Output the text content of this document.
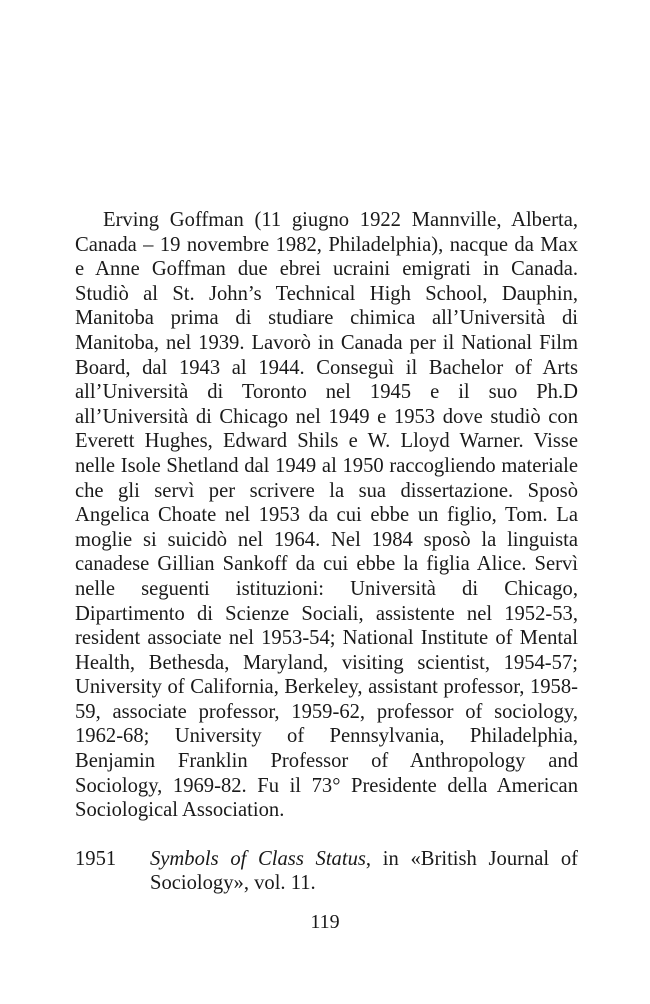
Erving Goffman (11 giugno 1922 Mannville, Alberta, Canada – 19 novembre 1982, Philadelphia), nacque da Max e Anne Goffman due ebrei ucraini emigrati in Canada. Studiò al St. John’s Technical High School, Dauphin, Manitoba prima di studiare chimica all’Università di Manitoba, nel 1939. Lavorò in Canada per il National Film Board, dal 1943 al 1944. Conseguì il Bachelor of Arts all’Università di Toronto nel 1945 e il suo Ph.D all’Università di Chicago nel 1949 e 1953 dove studiò con Everett Hughes, Edward Shils e W. Lloyd Warner. Visse nelle Isole Shetland dal 1949 al 1950 raccogliendo materiale che gli servì per scrivere la sua dissertazione. Sposò Angelica Choate nel 1953 da cui ebbe un figlio, Tom. La moglie si suicidò nel 1964. Nel 1984 sposò la linguista canadese Gillian Sankoff da cui ebbe la figlia Alice. Servì nelle seguenti istituzioni: Università di Chicago, Dipartimento di Scienze Sociali, assistente nel 1952-53, resident associate nel 1953-54; National Institute of Mental Health, Bethesda, Maryland, visiting scientist, 1954-57; University of California, Berkeley, assistant professor, 1958-59, associate professor, 1959-62, professor of sociology, 1962-68; University of Pennsylvania, Philadelphia, Benjamin Franklin Professor of Anthropology and Sociology, 1969-82. Fu il 73° Presidente della American Sociological Association.

1951	Symbols of Class Status, in «British Journal of Sociology», vol. 11.
119
